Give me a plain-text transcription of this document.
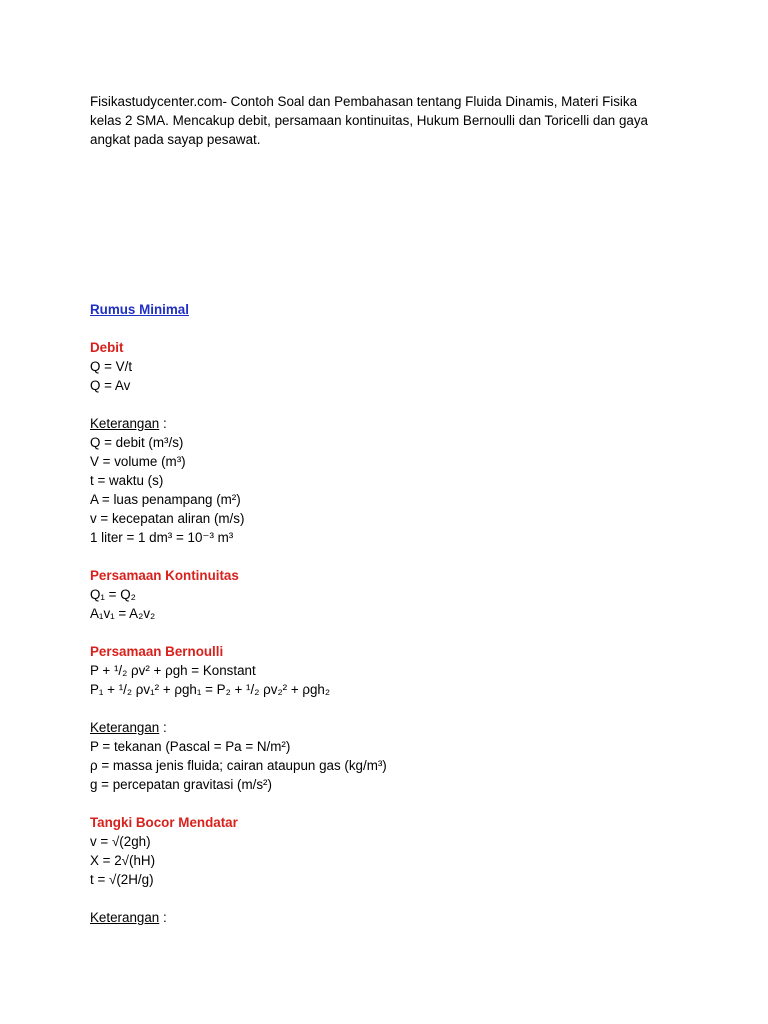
Fisikastudycenter.com- Contoh Soal dan Pembahasan tentang Fluida Dinamis, Materi Fisika
kelas 2 SMA. Mencakup debit, persamaan kontinuitas, Hukum Bernoulli dan Toricelli dan gaya
angkat pada sayap pesawat.

Rumus Minimal
Debit
Q = V/t
Q = Av
Keterangan :
Q = debit (m³/s)
V = volume (m³)
t = waktu (s)
A = luas penampang (m²)
v = kecepatan aliran (m/s)
1 liter = 1 dm³ = 10⁻³ m³
Persamaan Kontinuitas
Q₁ = Q₂
A₁v₁ = A₂v₂
Persamaan Bernoulli
P + ¹/₂ ρv² + ρgh = Konstant
P₁ + ¹/₂ ρv₁² + ρgh₁ = P₂ + ¹/₂ ρv₂² + ρgh₂
Keterangan :
P = tekanan (Pascal = Pa = N/m²)
ρ = massa jenis fluida; cairan ataupun gas (kg/m³)
g = percepatan gravitasi (m/s²)
Tangki Bocor Mendatar
v = √(2gh)
X = 2√(hH)
t = √(2H/g)
Keterangan :
